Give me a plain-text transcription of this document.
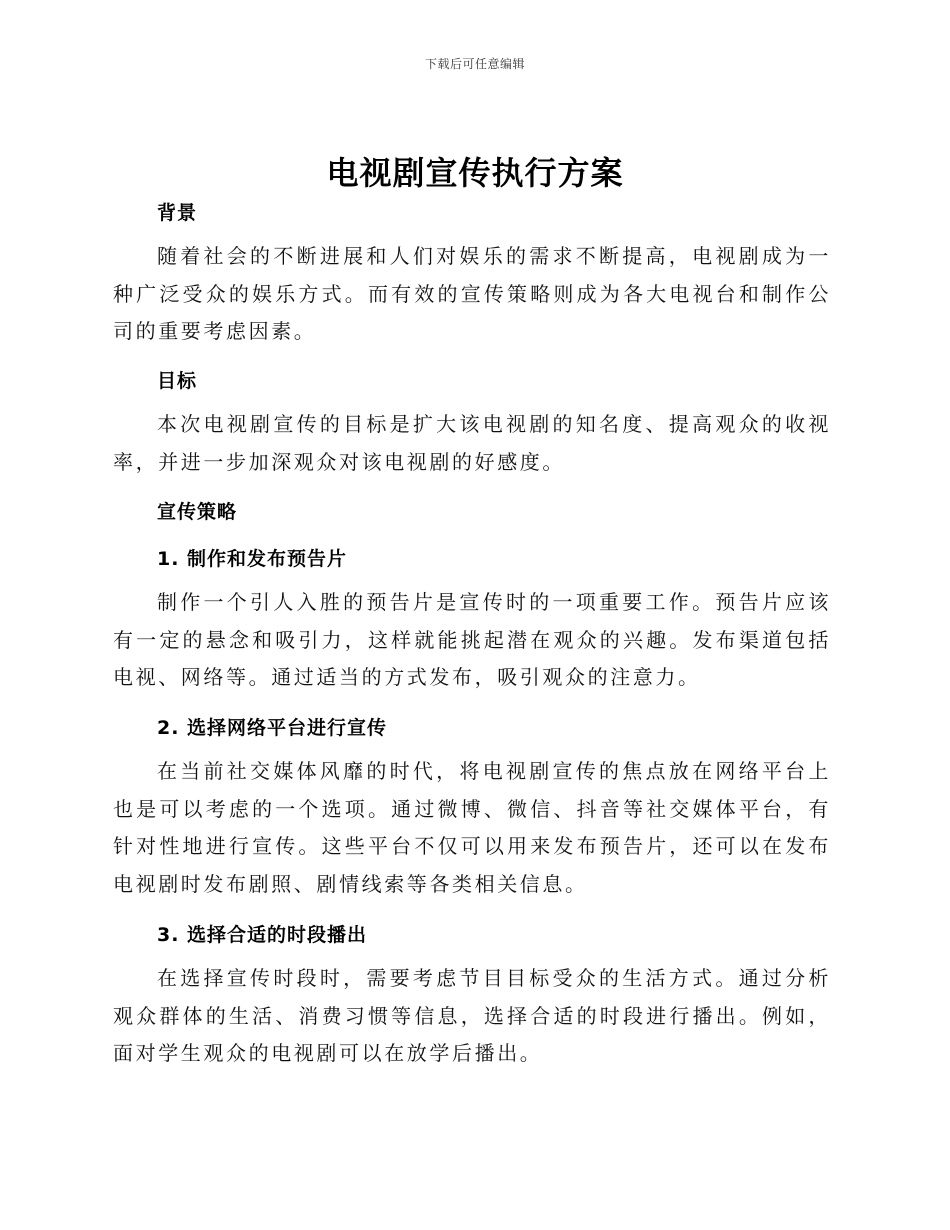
下载后可任意编辑
电视剧宣传执行方案
背景

随着社会的不断进展和人们对娱乐的需求不断提高，电视剧成为一种广泛受众的娱乐方式。而有效的宣传策略则成为各大电视台和制作公司的重要考虑因素。

目标

本次电视剧宣传的目标是扩大该电视剧的知名度、提高观众的收视率，并进一步加深观众对该电视剧的好感度。

宣传策略
1. 制作和发布预告片

制作一个引人入胜的预告片是宣传时的一项重要工作。预告片应该有一定的悬念和吸引力，这样就能挑起潜在观众的兴趣。发布渠道包括电视、网络等。通过适当的方式发布，吸引观众的注意力。

2. 选择网络平台进行宣传

在当前社交媒体风靡的时代，将电视剧宣传的焦点放在网络平台上也是可以考虑的一个选项。通过微博、微信、抖音等社交媒体平台，有针对性地进行宣传。这些平台不仅可以用来发布预告片，还可以在发布电视剧时发布剧照、剧情线索等各类相关信息。

3. 选择合适的时段播出

在选择宣传时段时，需要考虑节目目标受众的生活方式。通过分析观众群体的生活、消费习惯等信息，选择合适的时段进行播出。例如，面对学生观众的电视剧可以在放学后播出。
